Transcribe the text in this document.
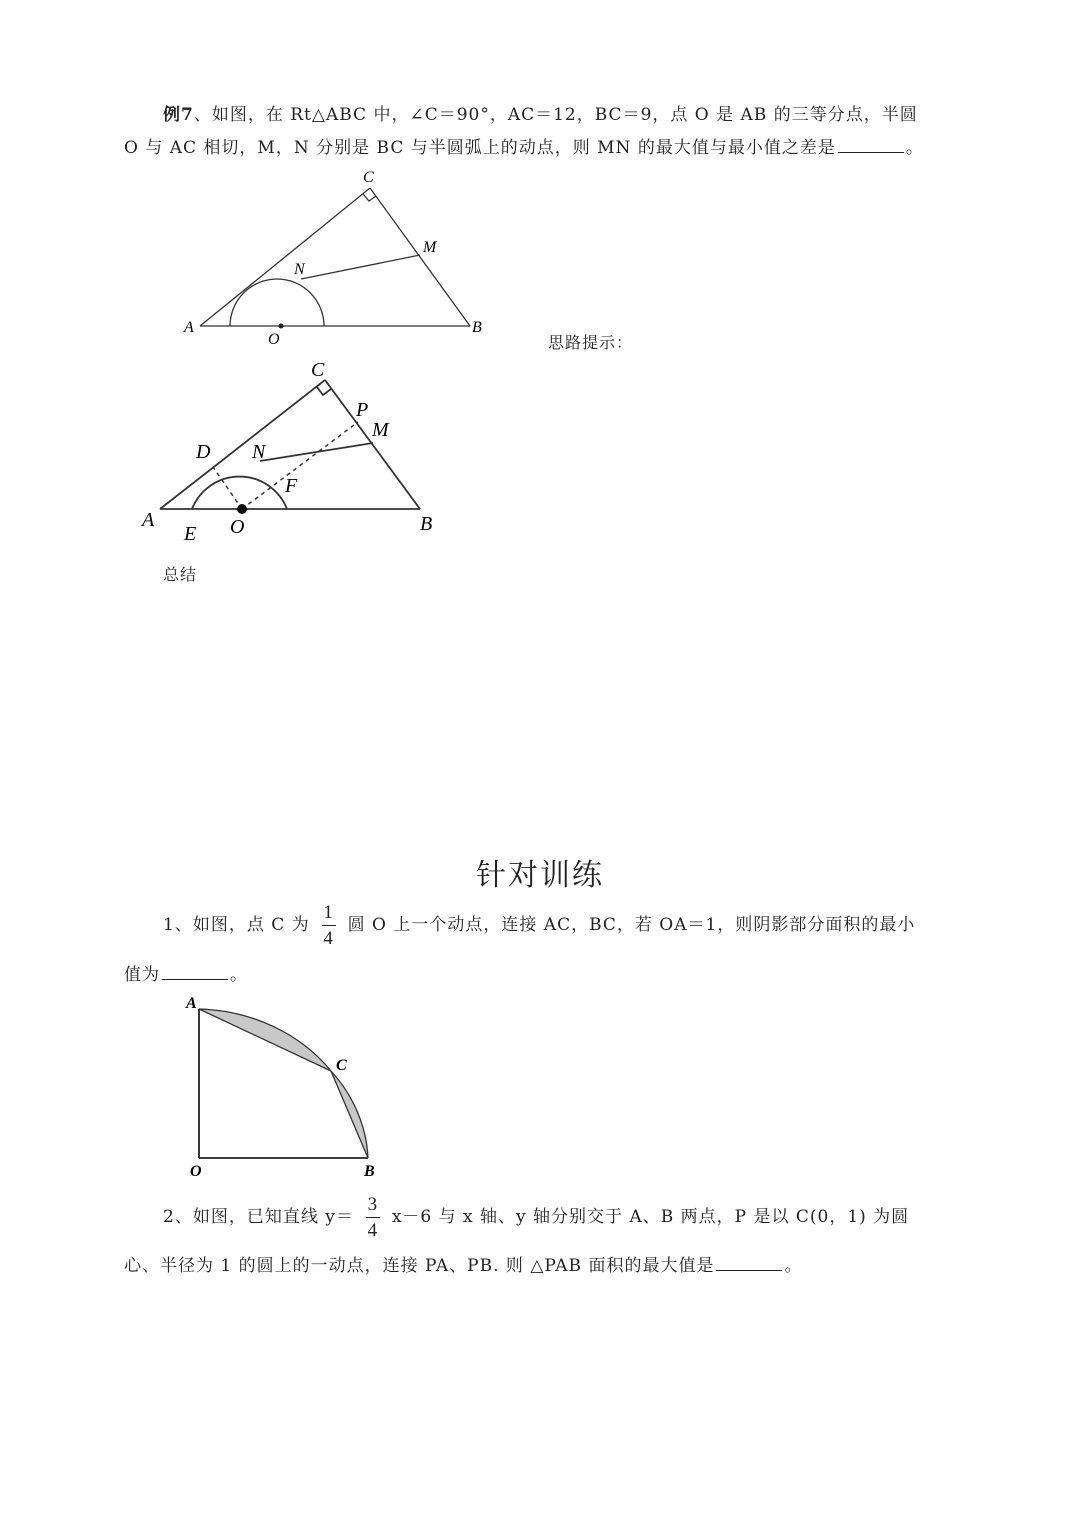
例7、如图，在 Rt△ABC 中，∠C＝90°，AC＝12，BC＝9，点 O 是 AB 的三等分点，半圆
O 与 AC 相切，M，N 分别是 BC 与半圆弧上的动点，则 MN 的最大值与最小值之差是	。
A	B
C
M
N
O	思路提示：
A	B
C
D
E
F
M
N
O
P
总结
针对训练
1、如图，点 C 为 $\frac{1}{4}$ 圆 O 上一个动点，连接 AC，BC，若 OA＝1，则阴影部分面积的最小
值为	。
A
C
O	B
2、如图，已知直线 $y= \frac{3}{4} x-6$ 与 x 轴、y 轴分别交于 A、B 两点，P 是以 C(0，1) 为圆
心、半径为 1 的圆上的一动点，连接 PA、PB. 则 △PAB 面积的最大值是	。
